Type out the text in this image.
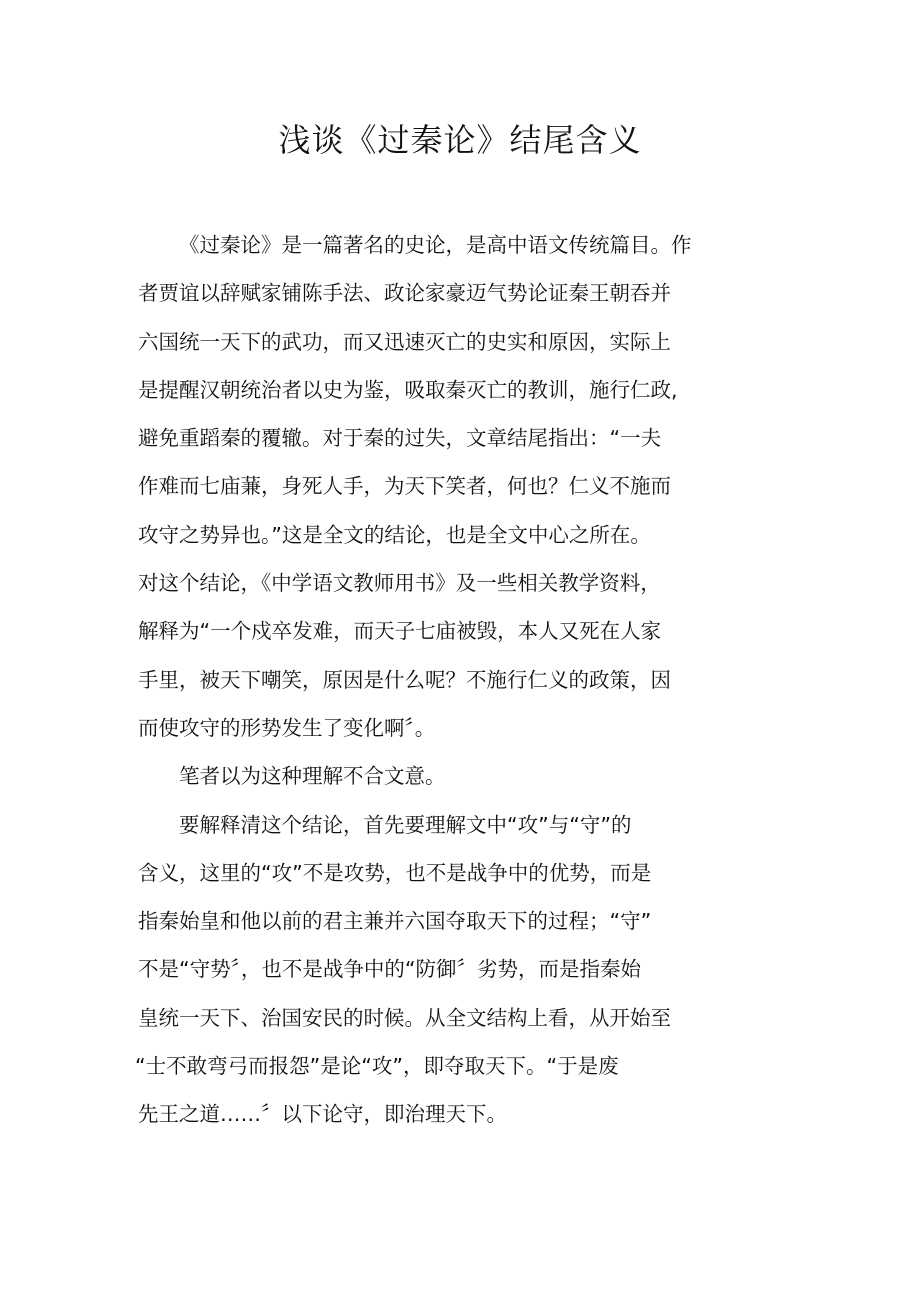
浅谈《过秦论》结尾含义
《过秦论》是一篇著名的史论，是高中语文传统篇目。作
者贾谊以辞赋家铺陈手法、政论家豪迈气势论证秦王朝吞并
六国统一天下的武功，而又迅速灭亡的史实和原因，实际上
是提醒汉朝统治者以史为鉴，吸取秦灭亡的教训，施行仁政,
避免重蹈秦的覆辙。对于秦的过失，文章结尾指出：“一夫
作难而七庙蒹，身死人手，为天下笑者，何也？仁义不施而
攻守之势异也。”这是全文的结论，也是全文中心之所在。
对这个结论，《中学语文教师用书》及一些相关教学资料，
解释为“一个戍卒发难，而天子七庙被毁，本人又死在人家
手里，被天下嘲笑，原因是什么呢？不施行仁义的政策，因
而使攻守的形势发生了变化啊〞。
笔者以为这种理解不合文意。
要解释清这个结论，首先要理解文中“攻”与“守”的
含义，这里的“攻”不是攻势，也不是战争中的优势，而是
指秦始皇和他以前的君主兼并六国夺取天下的过程；“守”
不是“守势〞，也不是战争中的“防御〞劣势，而是指秦始
皇统一天下、治国安民的时候。从全文结构上看，从开始至
“士不敢弯弓而报怨”是论“攻”，即夺取天下。“于是废
先王之道……〞以下论守，即治理天下。
